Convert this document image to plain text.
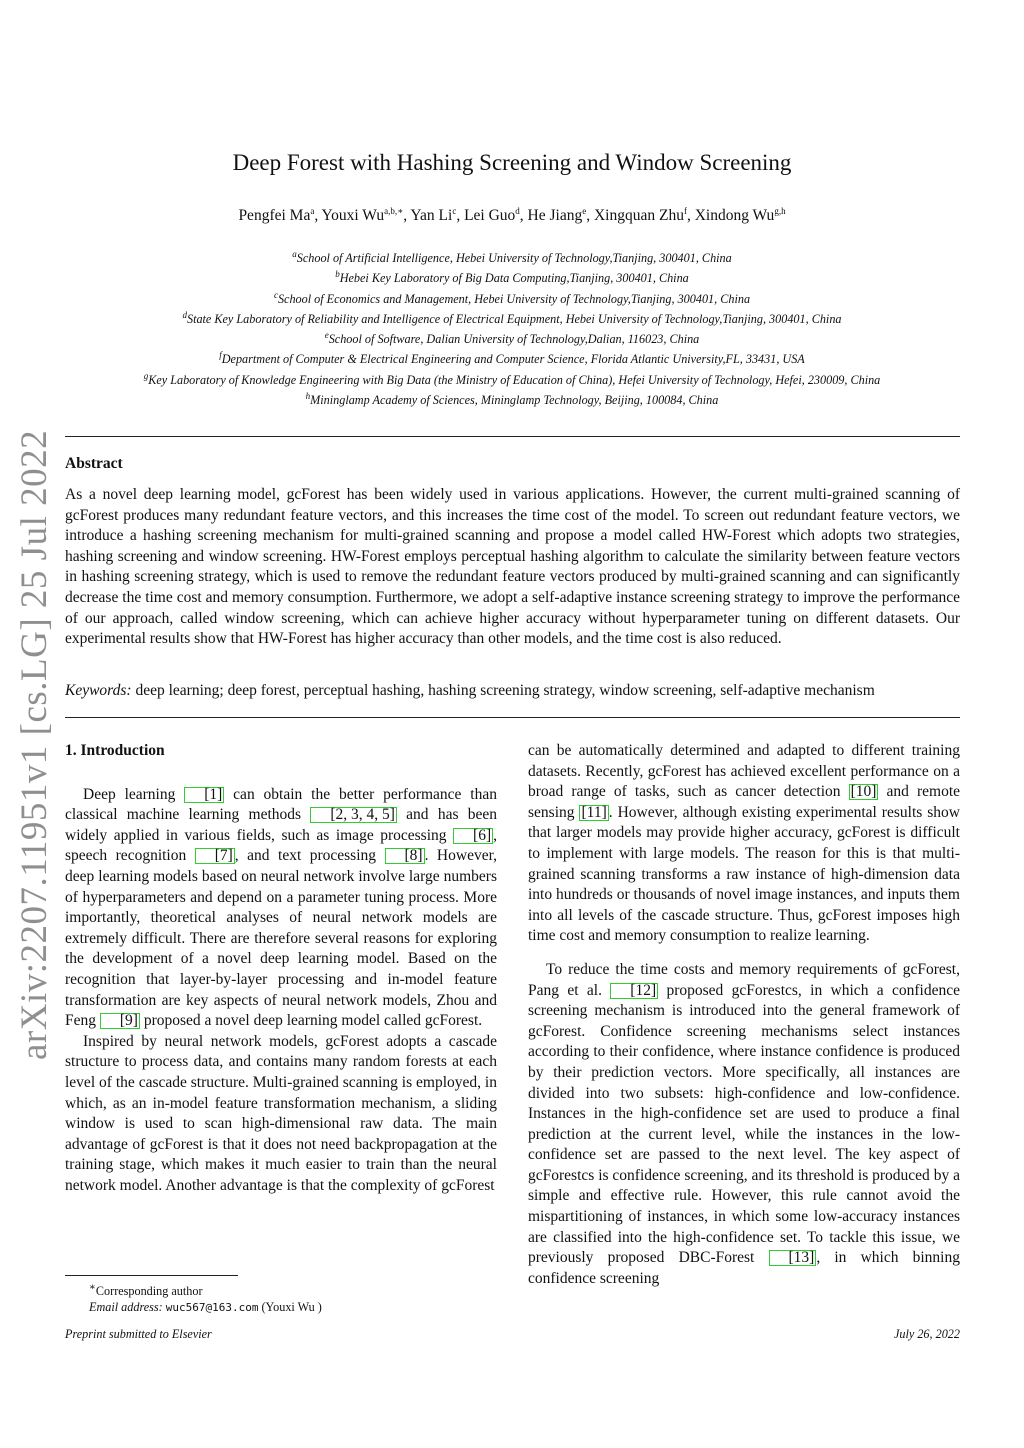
arXiv:2207.11951v1 [cs.LG] 25 Jul 2022
Deep Forest with Hashing Screening and Window Screening
Pengfei Ma$^a$, Youxi $Wu^{a,b,∗}$, Yan Li$^c$, Lei Guo$^d$, He Jiang$^e$, Xingquan Zhu$^f$, Xindong Wu$^{g,h}$
$^a$School of Artificial Intelligence, Hebei University of Technology,Tianjing, 300401, China
$^b$Hebei Key Laboratory of Big Data Computing,Tianjing, 300401, China
$^c$School of Economics and Management, Hebei University of Technology,Tianjing, 300401, China
$^d$State Key Laboratory of Reliability and Intelligence of Electrical Equipment, Hebei University of Technology,Tianjing, 300401, China
$^e$School of Software, Dalian University of Technology,Dalian, 116023, China
$^f$Department of Computer & Electrical Engineering and Computer Science, Florida Atlantic University,FL, 33431, USA
$^g$Key Laboratory of Knowledge Engineering with Big Data (the Ministry of Education of China), Hefei University of Technology, Hefei, 230009, China
$^h$Mininglamp Academy of Sciences, Mininglamp Technology, Beijing, 100084, China
Abstract
As a novel deep learning model, gcForest has been widely used in various applications. However, the current multi-grained scanning of gcForest produces many redundant feature vectors, and this increases the time cost of the model. To screen out redundant feature vectors, we introduce a hashing screening mechanism for multi-grained scanning and propose a model called HW-Forest which adopts two strategies, hashing screening and window screening. HW-Forest employs perceptual hashing algorithm to calculate the similarity between feature vectors in hashing screening strategy, which is used to remove the redundant feature vectors produced by multi-grained scanning and can significantly decrease the time cost and memory consumption. Furthermore, we adopt a self-adaptive instance screening strategy to improve the performance of our approach, called window screening, which can achieve higher accuracy without hyperparameter tuning on different datasets. Our experimental results show that HW-Forest has higher accuracy than other models, and the time cost is also reduced.
Keywords: deep learning; deep forest, perceptual hashing, hashing screening strategy, window screening, self-adaptive mechanism

1. Introduction

Deep learning [1] can obtain the better performance than classical machine learning methods [2, 3, 4, 5] and has been widely applied in various fields, such as image processing [6] , speech recognition [7] , and text processing [8] . However, deep learning models based on neural network involve large numbers of hyperparameters and depend on a parameter tuning process. More importantly, theoretical analyses of neural network models are extremely difficult. There are therefore several reasons for exploring the development of a novel deep learning model. Based on the recognition that layer-by-layer processing and in-model feature transformation are key aspects of neural network models, Zhou and Feng [9] proposed a novel deep learning model called gcForest.

Inspired by neural network models, gcForest adopts a cascade structure to process data, and contains many random forests at each level of the cascade structure. Multi-grained scanning is employed, in which, as an in-model feature transformation mechanism, a sliding window is used to scan high-dimensional raw data. The main advantage of gcForest is that it does not need backpropagation at the training stage, which makes it much easier to train than the neural network model. Another advantage is that the complexity of gcForest

can be automatically determined and adapted to different training datasets. Recently, gcForest has achieved excellent performance on a broad range of tasks, such as cancer detection [10] and remote sensing [11] . However, although existing experimental results show that larger models may provide higher accuracy, gcForest is difficult to implement with large models. The reason for this is that multi-grained scanning transforms a raw instance of high-dimension data into hundreds or thousands of novel image instances, and inputs them into all levels of the cascade structure. Thus, gcForest imposes high time cost and memory consumption to realize learning.

To reduce the time costs and memory requirements of gcForest, Pang et al. [12] proposed gcForestcs, in which a confidence screening mechanism is introduced into the general framework of gcForest. Confidence screening mechanisms select instances according to their confidence, where instance confidence is produced by their prediction vectors. More specifically, all instances are divided into two subsets: high-confidence and low-confidence. Instances in the high-confidence set are used to produce a final prediction at the current level, while the instances in the low-confidence set are passed to the next level. The key aspect of gcForestcs is confidence screening, and its threshold is produced by a simple and effective rule. However, this rule cannot avoid the mispartitioning of instances, in which some low-accuracy instances are classified into the high-confidence set. To tackle this issue, we previously proposed DBC-Forest [13] , in which binning confidence screening

∗Corresponding author
Email address: wuc567@163.com (Youxi Wu )
Preprint submitted to Elsevier	July 26, 2022
